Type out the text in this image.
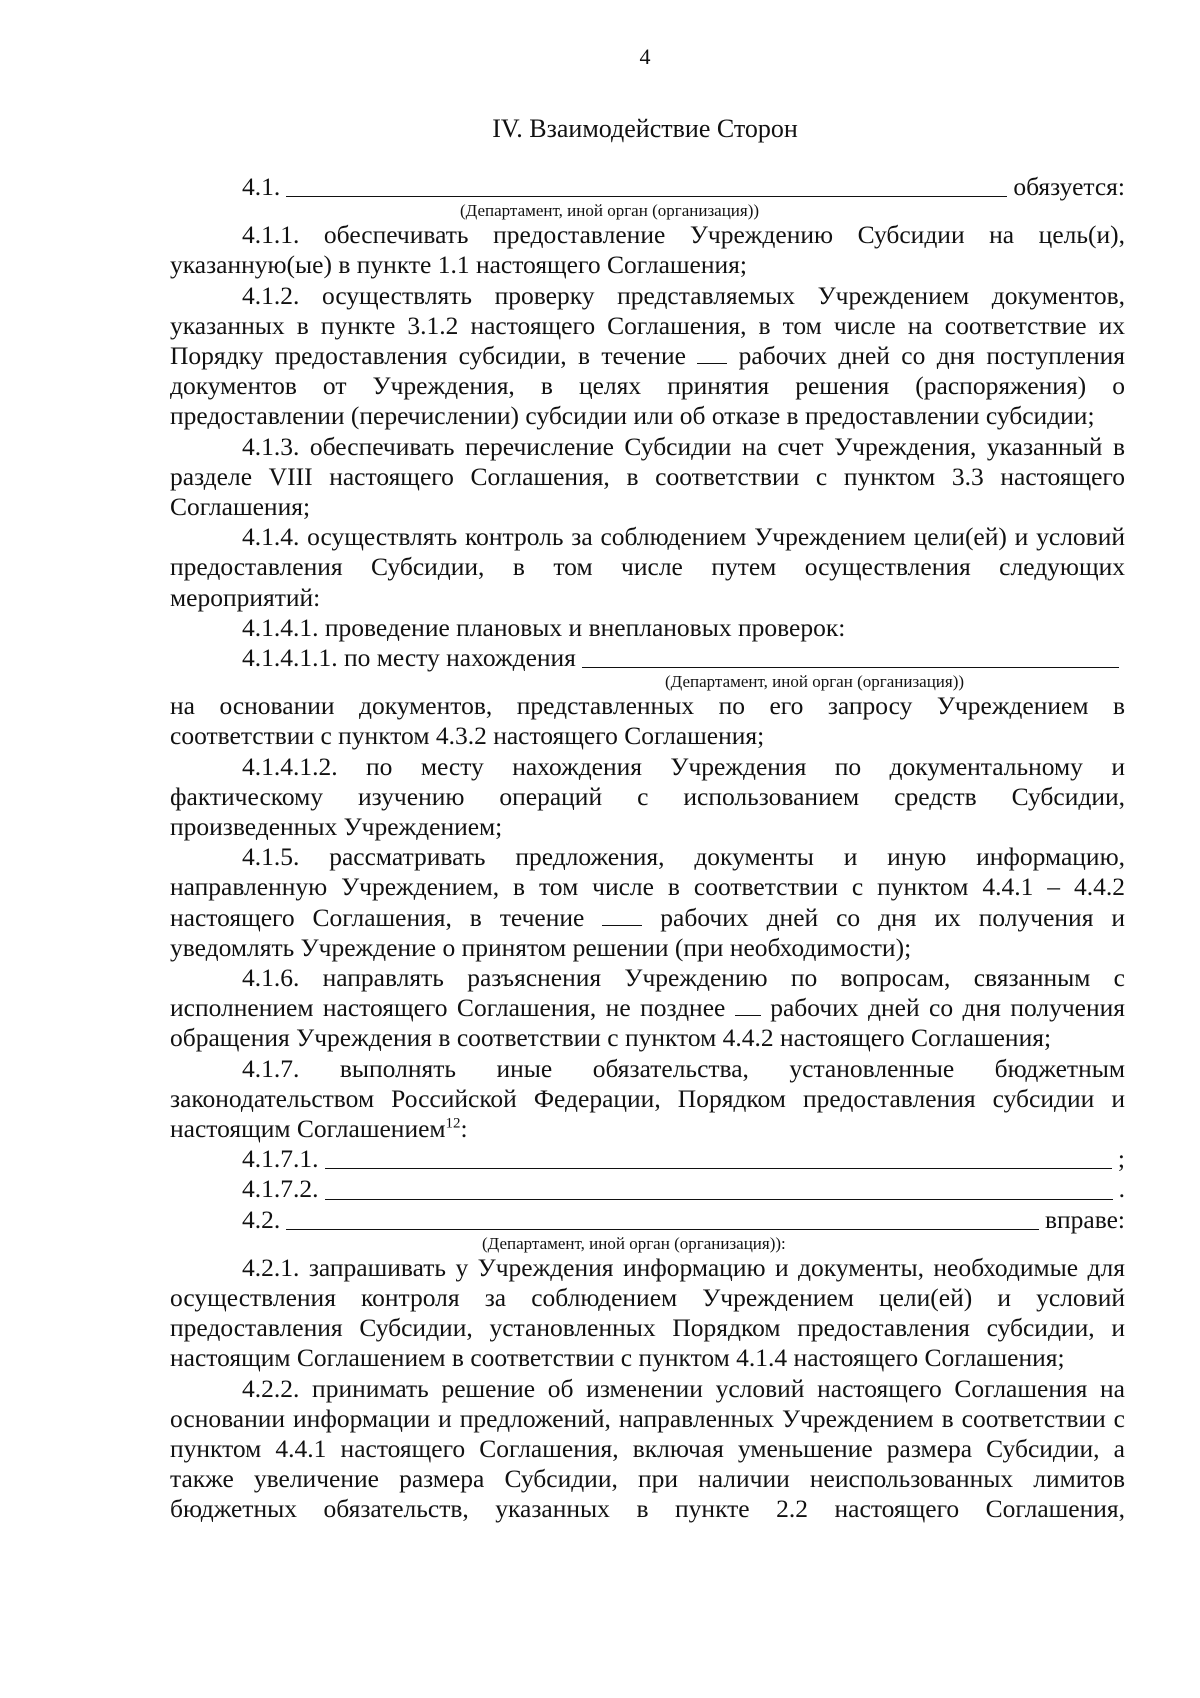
4
IV. Взаимодействие Сторон
4.1.	обязуется:
(Департамент, иной орган (организация))

4.1.1. обеспечивать предоставление Учреждению Субсидии на цель(и), указанную(ые) в пункте 1.1 настоящего Соглашения;

4.1.2. осуществлять проверку представляемых Учреждением документов, указанных в пункте 3.1.2 настоящего Соглашения, в том числе на соответствие их Порядку предоставления субсидии, в течение рабочих дней со дня поступления документов от Учреждения, в целях принятия решения (распоряжения) о предоставлении (перечислении) субсидии или об отказе в предоставлении субсидии;

4.1.3. обеспечивать перечисление Субсидии на счет Учреждения, указанный в разделе VIII настоящего Соглашения, в соответствии с пунктом 3.3 настоящего Соглашения;

4.1.4. осуществлять контроль за соблюдением Учреждением цели(ей) и условий предоставления Субсидии, в том числе путем осуществления следующих мероприятий:

4.1.4.1. проведение плановых и внеплановых проверок:

4.1.4.1.1. по месту нахождения
(Департамент, иной орган (организация))

на основании документов, представленных по его запросу Учреждением в соответствии с пунктом 4.3.2 настоящего Соглашения;

4.1.4.1.2. по месту нахождения Учреждения по документальному и фактическому изучению операций с использованием средств Субсидии, произведенных Учреждением;

4.1.5. рассматривать предложения, документы и иную информацию, направленную Учреждением, в том числе в соответствии с пунктом 4.4.1 – 4.4.2 настоящего Соглашения, в течение	рабочих дней со дня их получения и уведомлять Учреждение о принятом решении (при необходимости);

4.1.6. направлять разъяснения Учреждению по вопросам, связанным с исполнением настоящего Соглашения, не позднее рабочих дней со дня получения обращения Учреждения в соответствии с пунктом 4.4.2 настоящего Соглашения;

4.1.7. выполнять иные обязательства, установленные бюджетным законодательством Российской Федерации, Порядком предоставления субсидии и настоящим Соглашением$^{12}$:

4.1.7.1.	;
4.1.7.2.	.
4.2.	вправе:
(Департамент, иной орган (организация)):

4.2.1. запрашивать у Учреждения информацию и документы, необходимые для осуществления контроля за соблюдением Учреждением цели(ей) и условий предоставления Субсидии, установленных Порядком предоставления субсидии, и настоящим Соглашением в соответствии с пунктом 4.1.4 настоящего Соглашения;

4.2.2. принимать решение об изменении условий настоящего Соглашения на основании информации и предложений, направленных Учреждением в соответствии с пунктом 4.4.1 настоящего Соглашения, включая уменьшение размера Субсидии, а также увеличение размера Субсидии, при наличии неиспользованных лимитов бюджетных обязательств, указанных в пункте 2.2 настоящего Соглашения,
